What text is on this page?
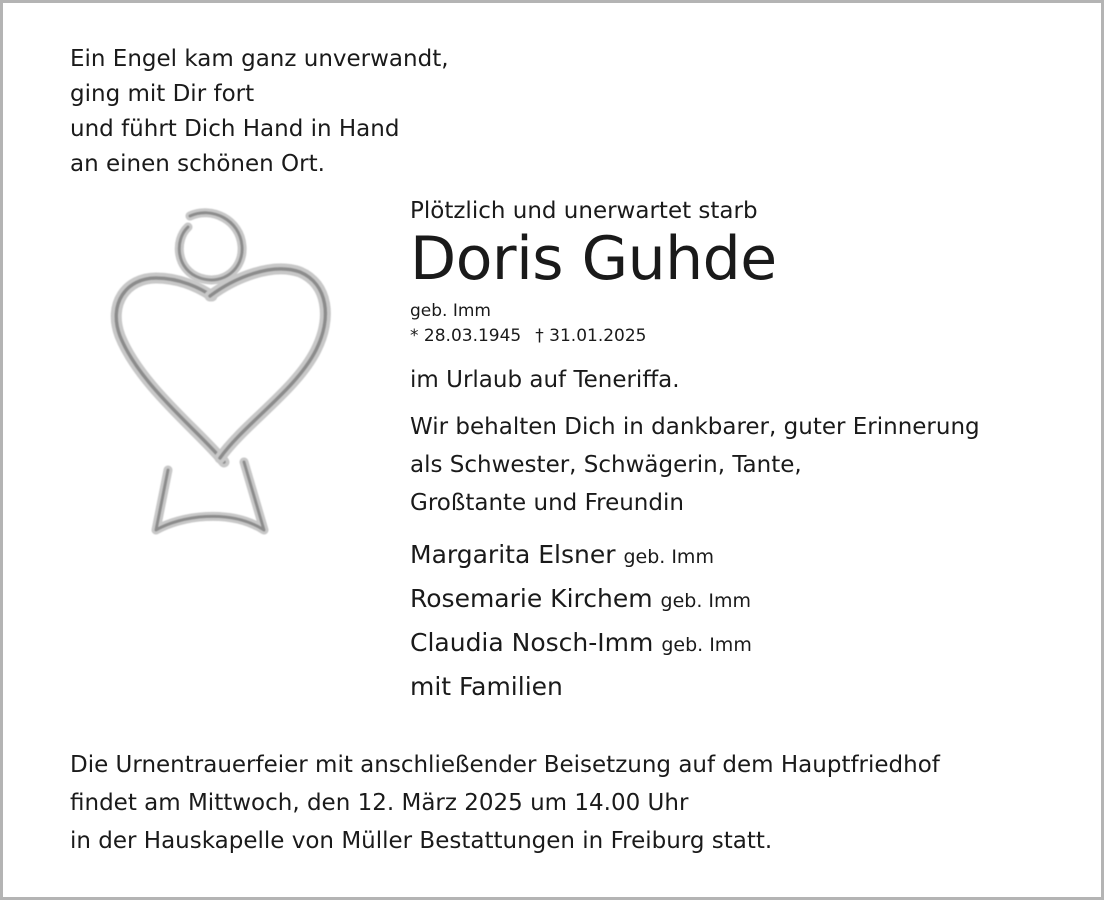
Ein Engel kam ganz unverwandt,
ging mit Dir fort
und führt Dich Hand in Hand
an einen schönen Ort.
Plötzlich und unerwartet starb
Doris Guhde
geb. Imm
* 28.03.1945 † 31.01.2025
im Urlaub auf Teneriffa.
Wir behalten Dich in dankbarer, guter Erinnerung
als Schwester, Schwägerin, Tante,
Großtante und Freundin
Margarita Elsner geb. Imm
Rosemarie Kirchem geb. Imm
Claudia Nosch-Imm geb. Imm
mit Familien
Die Urnentrauerfeier mit anschließender Beisetzung auf dem Hauptfriedhof
findet am Mittwoch, den 12. März 2025 um 14.00 Uhr
in der Hauskapelle von Müller Bestattungen in Freiburg statt.
